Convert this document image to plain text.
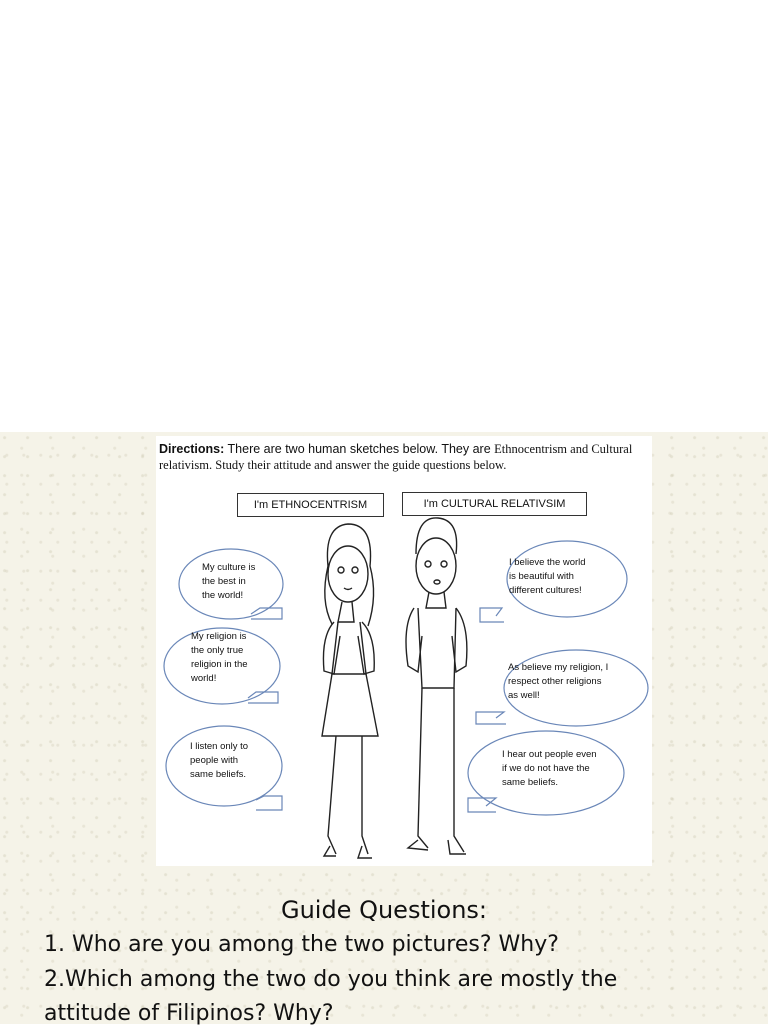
Directions: There are two human sketches below. They are Ethnocentrism and Cultural relativism. Study their attitude and answer the guide questions below.
I'm ETHNOCENTRISM	I'm CULTURAL RELATIVSIM
My culture is
the best in
the world!
My religion is
the only true
religion in the
world!
I listen only to
people with
same beliefs.
I believe the world
is beautiful with
different cultures!
As believe my religion, I
respect other religions
as well!
I hear out people even
if we do not have the
same beliefs.
Guide Questions:
1. Who are you among the two pictures? Why?
2.Which among the two do you think are mostly the
attitude of Filipinos? Why?
